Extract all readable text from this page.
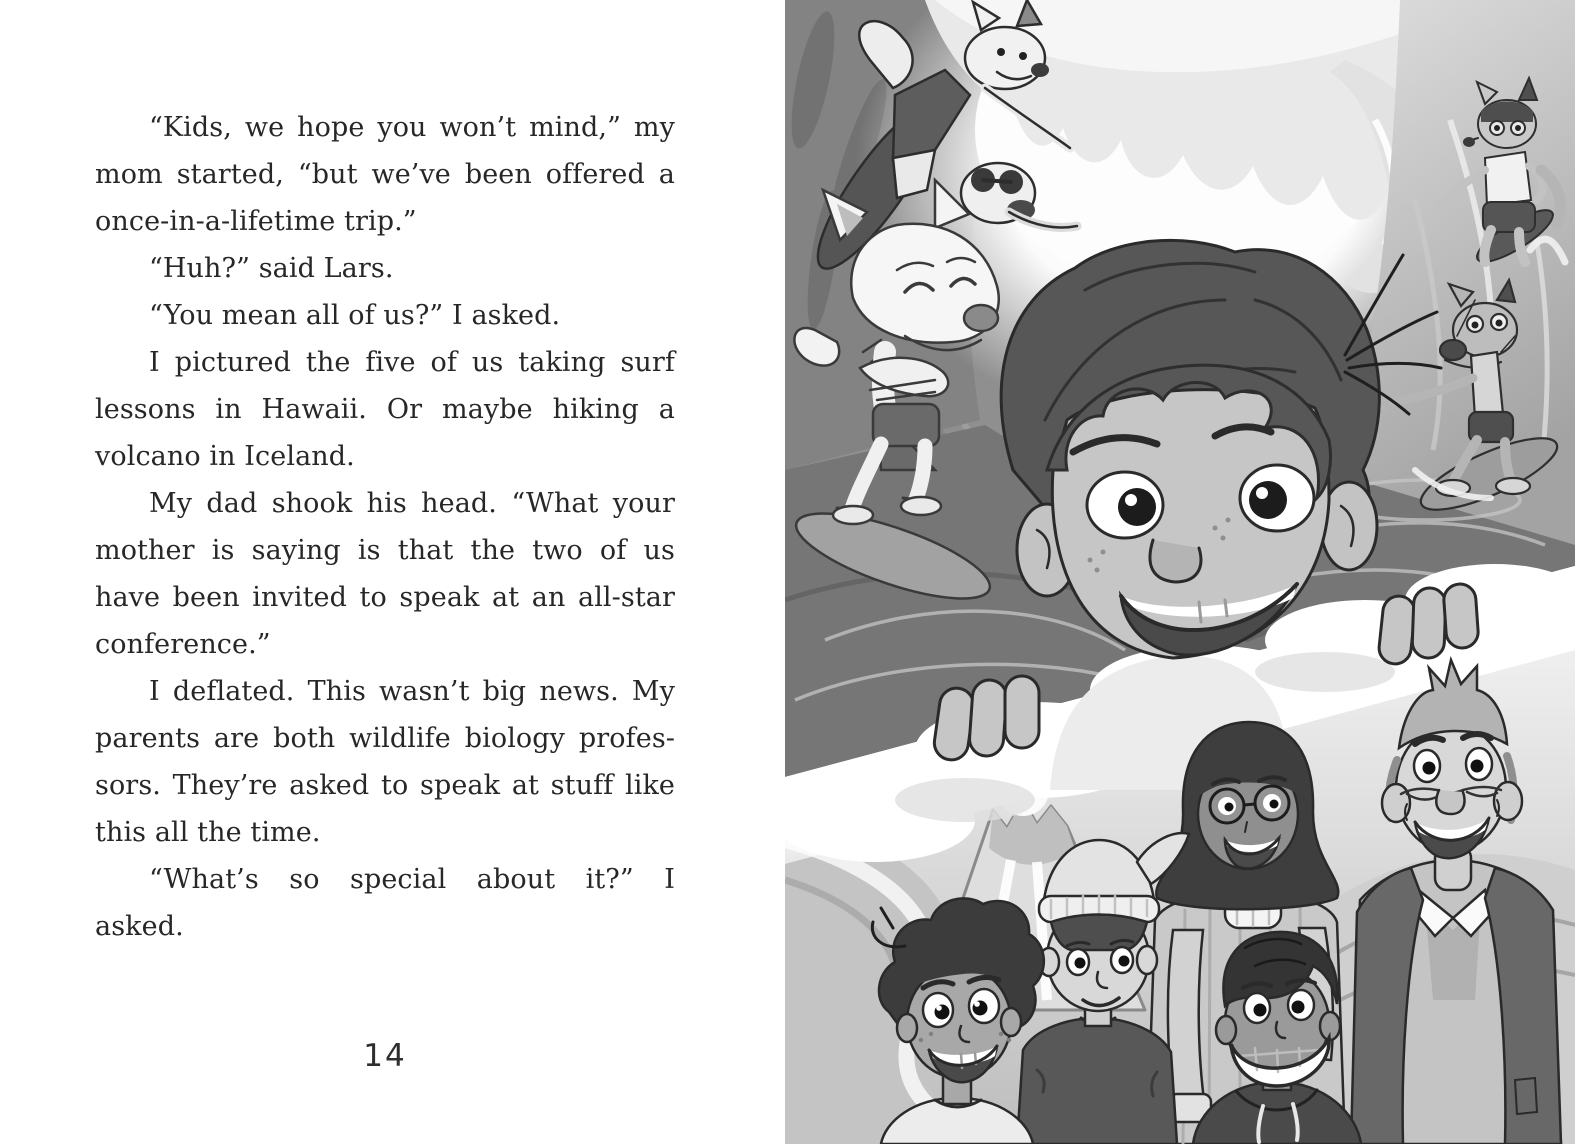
“Kids, we hope you won’t mind,” my
mom started, “but we’ve been offered a
once-in-a-lifetime trip.”

“Huh?” said Lars.

“You mean all of us?” I asked.

I pictured the five of us taking surf
lessons in Hawaii. Or maybe hiking a
volcano in Iceland.

My dad shook his head. “What your
mother is saying is that the two of us
have been invited to speak at an all-star
conference.”

I deflated. This wasn’t big news. My
parents are both wildlife biology profes-
sors. They’re asked to speak at stuff like
this all the time.

“What’s so special about it?” I
asked.

14
